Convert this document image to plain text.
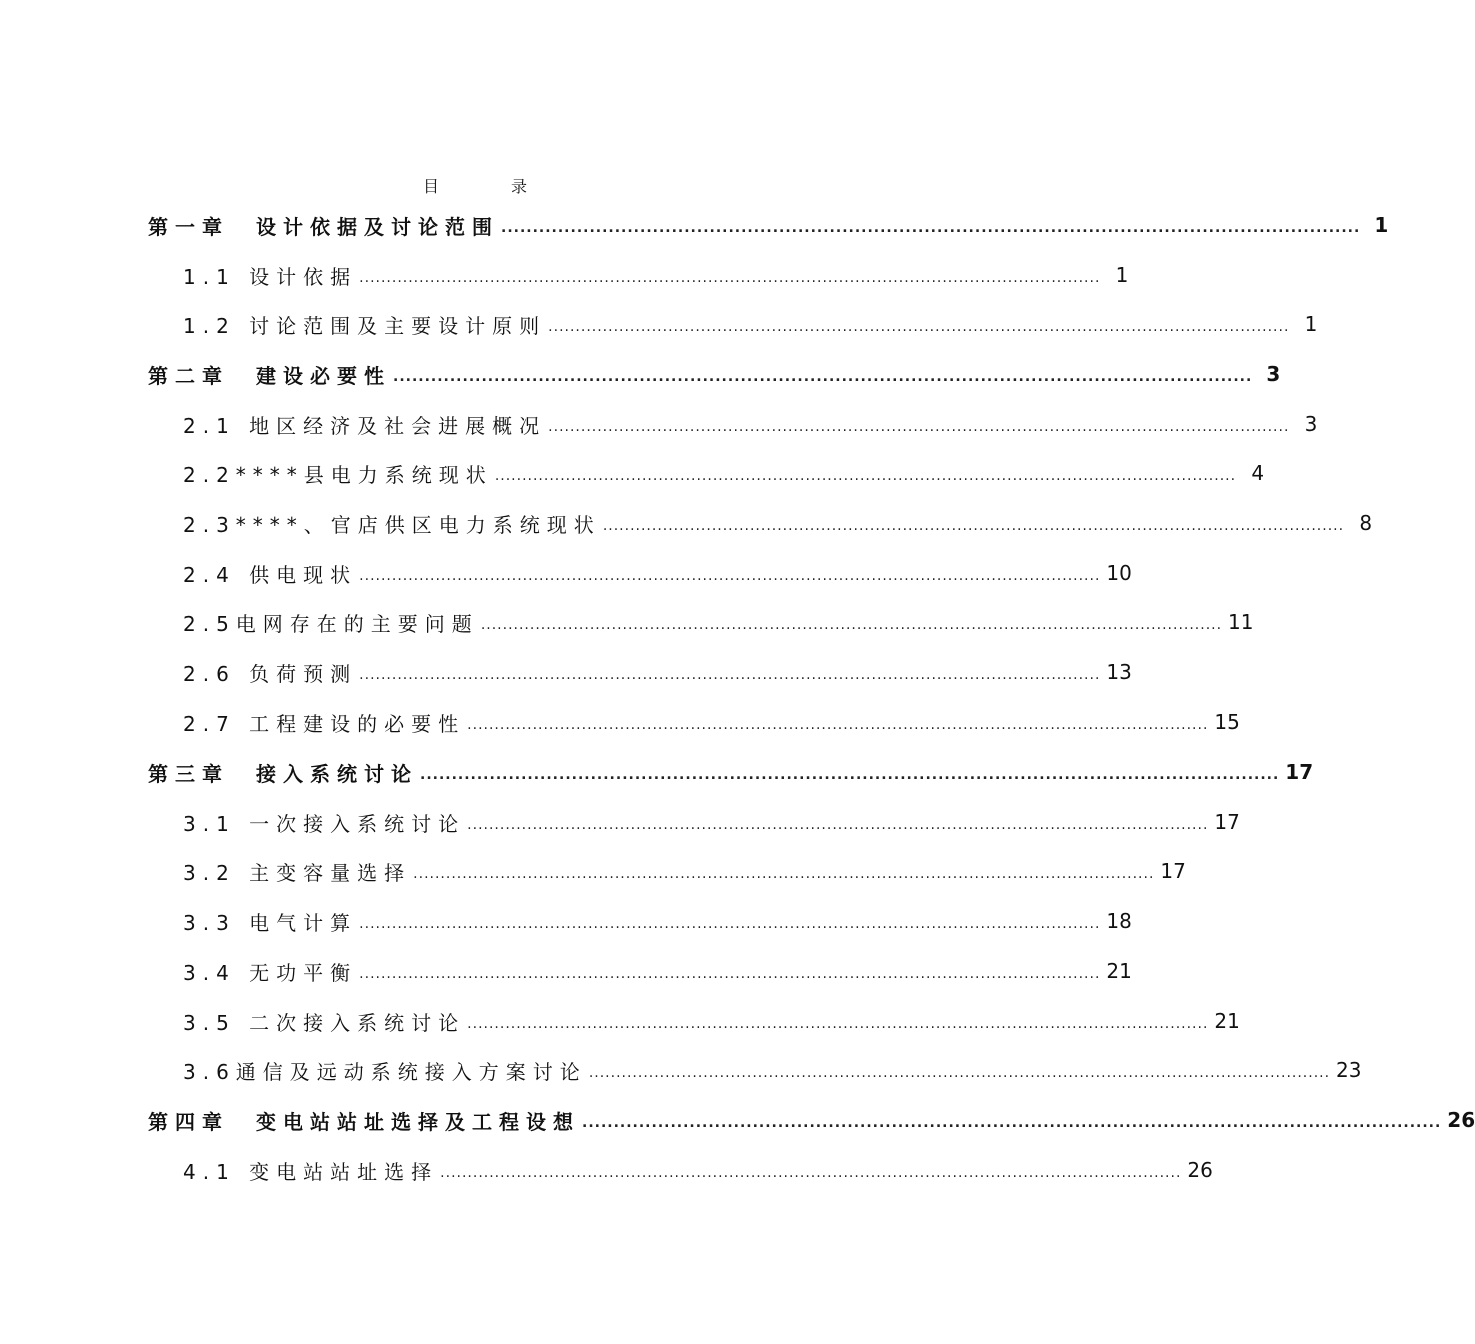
目　录
第一章　设计依据及讨论范围 ........................................................................................................................................ 1
1.1 设计依据 ........................................................................................................................................ 1
1.2 讨论范围及主要设计原则 ........................................................................................................................................ 1
第二章　建设必要性 ........................................................................................................................................ 3
2.1 地区经济及社会进展概况 ........................................................................................................................................ 3
2.2****县电力系统现状 ........................................................................................................................................ 4
2.3****、官店供区电力系统现状 ........................................................................................................................................ 8
2.4 供电现状 ........................................................................................................................................ 10
2.5电网存在的主要问题 ........................................................................................................................................ 11
2.6 负荷预测 ........................................................................................................................................ 13
2.7 工程建设的必要性 ........................................................................................................................................ 15
第三章　接入系统讨论 ........................................................................................................................................ 17
3.1 一次接入系统讨论 ........................................................................................................................................ 17
3.2 主变容量选择 ........................................................................................................................................ 17
3.3 电气计算 ........................................................................................................................................ 18
3.4 无功平衡 ........................................................................................................................................ 21
3.5 二次接入系统讨论 ........................................................................................................................................ 21
3.6通信及远动系统接入方案讨论 ........................................................................................................................................ 23
第四章　变电站站址选择及工程设想 ........................................................................................................................................ 26
4.1 变电站站址选择 ........................................................................................................................................ 26
